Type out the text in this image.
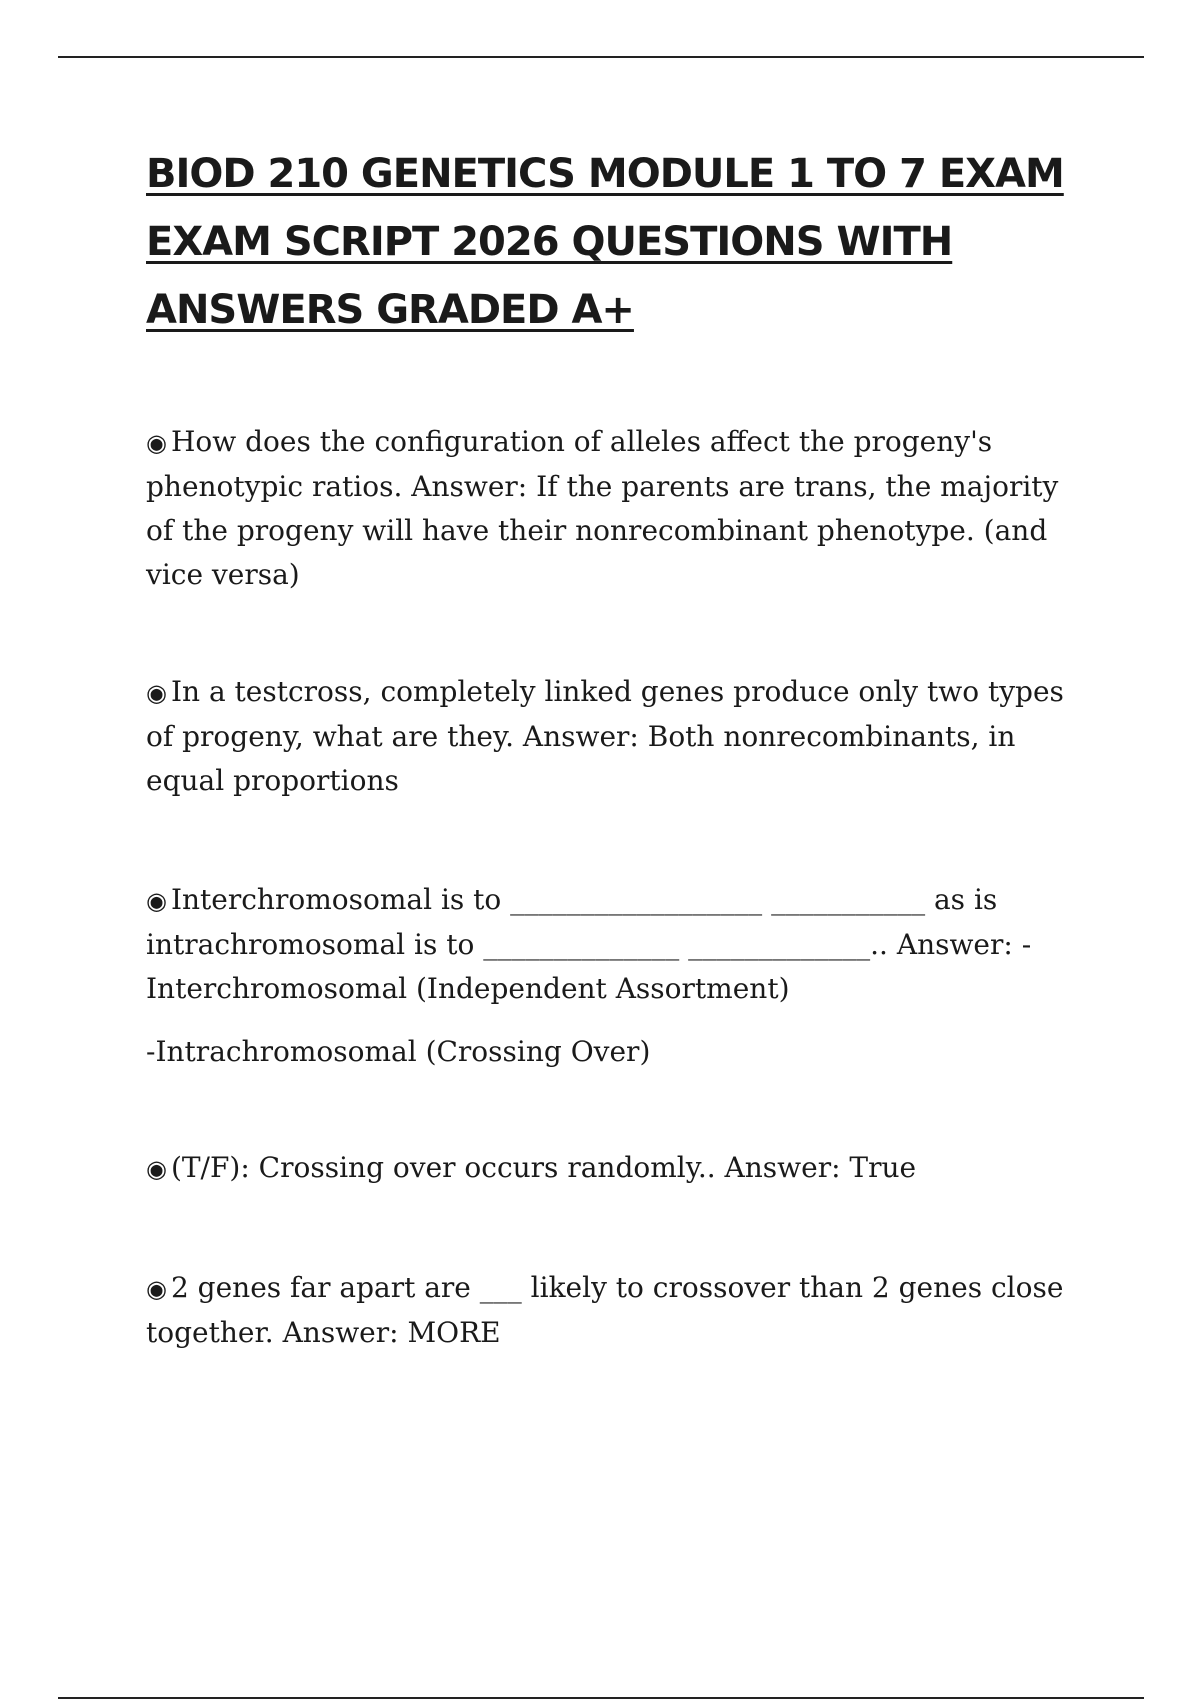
BIOD 210 GENETICS MODULE 1 TO 7 EXAM
EXAM SCRIPT 2026 QUESTIONS WITH
ANSWERS GRADED A+

◉ How does the configuration of alleles affect the progeny's phenotypic ratios. Answer: If the parents are trans, the majority of the progeny will have their nonrecombinant phenotype. (and vice versa)

◉ In a testcross, completely linked genes produce only two types of progeny, what are they. Answer: Both nonrecombinants, in equal proportions

◉ Interchromosomal is to __________________ ___________ as is intrachromosomal is to ______________ _____________.. Answer: -Interchromosomal (Independent Assortment)

-Intrachromosomal (Crossing Over)

◉ (T/F): Crossing over occurs randomly.. Answer: True

◉ 2 genes far apart are ___ likely to crossover than 2 genes close together. Answer: MORE
